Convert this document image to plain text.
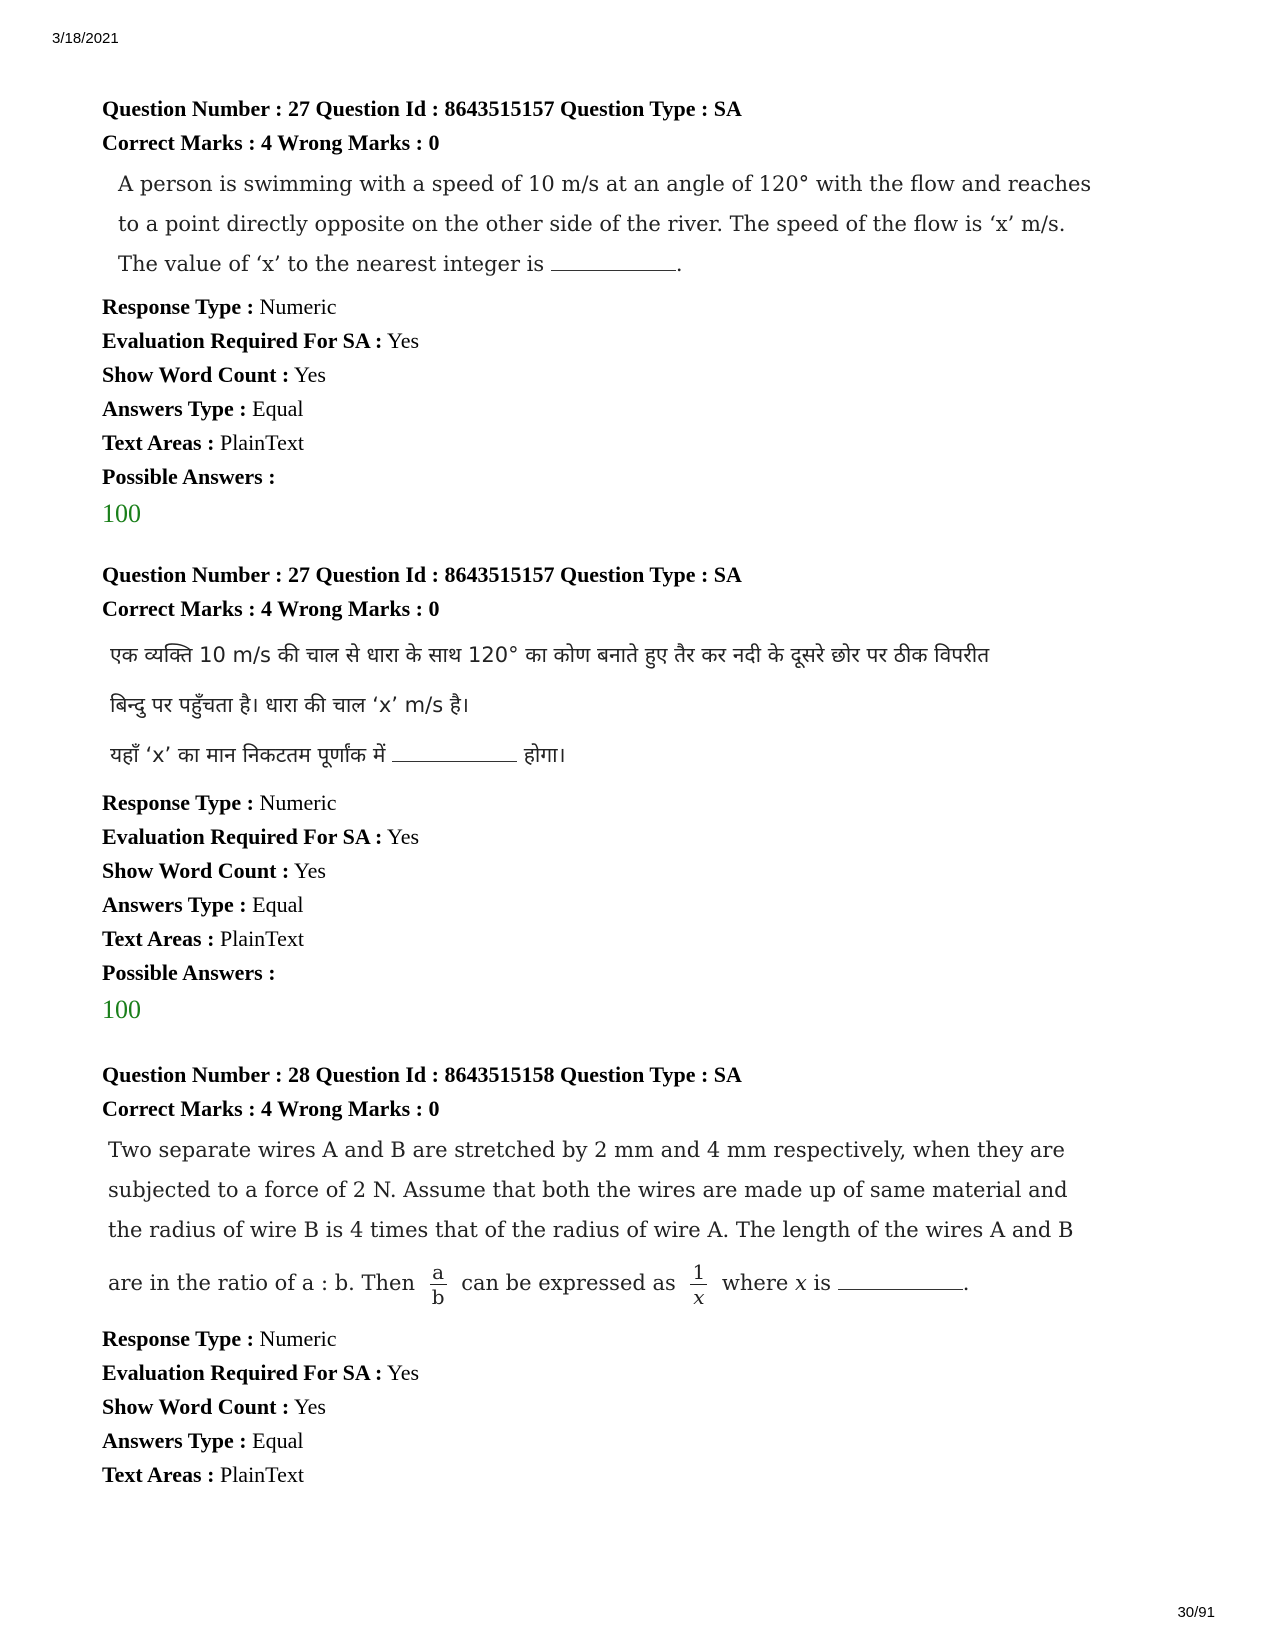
3/18/2021
Question Number : 27 Question Id : 8643515157 Question Type : SA
Correct Marks : 4 Wrong Marks : 0

A person is swimming with a speed of 10 m/s at an angle of 120° with the flow and reaches

to a point directly opposite on the other side of the river. The speed of the flow is ‘x’ m/s.

The value of ‘x’ to the nearest integer is	.

Response Type : Numeric
Evaluation Required For SA : Yes
Show Word Count : Yes
Answers Type : Equal
Text Areas : PlainText
Possible Answers :
100
Question Number : 27 Question Id : 8643515157 Question Type : SA
Correct Marks : 4 Wrong Marks : 0

एक व्यक्ति 10 m/s की चाल से धारा के साथ 120° का कोण बनाते हुए तैर कर नदी के दूसरे छोर पर ठीक विपरीत

बिन्दु पर पहुँचता है। धारा की चाल ‘x’ m/s है।

यहाँ ‘x’ का मान निकटतम पूर्णांक में	होगा।

Response Type : Numeric
Evaluation Required For SA : Yes
Show Word Count : Yes
Answers Type : Equal
Text Areas : PlainText
Possible Answers :
100
Question Number : 28 Question Id : 8643515158 Question Type : SA
Correct Marks : 4 Wrong Marks : 0

Two separate wires A and B are stretched by 2 mm and 4 mm respectively, when they are

subjected to a force of 2 N. Assume that both the wires are made up of same material and

the radius of wire B is 4 times that of the radius of wire A. The length of the wires A and B

are in the ratio of a : b. Then $\frac{a}{b}$ can be expressed as $\frac{1}{x}$ where x is	.

Response Type : Numeric
Evaluation Required For SA : Yes
Show Word Count : Yes
Answers Type : Equal
Text Areas : PlainText
30/91
